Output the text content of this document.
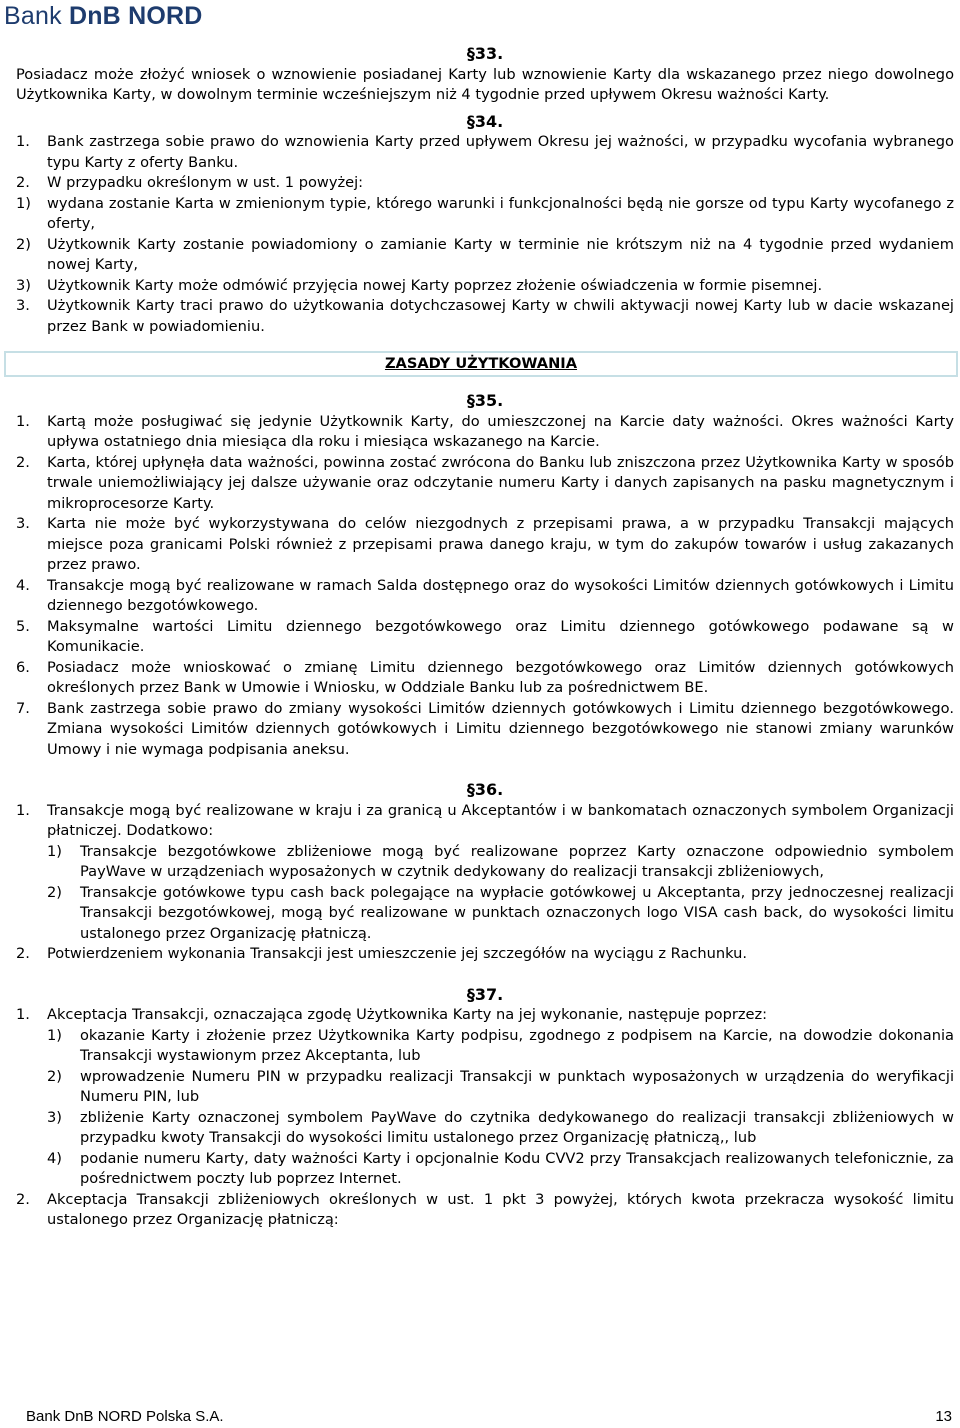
Bank DnB NORD
§33.

Posiadacz może złożyć wniosek o wznowienie posiadanej Karty lub wznowienie Karty dla wskazanego przez niego dowolnego Użytkownika Karty, w dowolnym terminie wcześniejszym niż 4 tygodnie przed upływem Okresu ważności Karty.

§34.
1. Bank zastrzega sobie prawo do wznowienia Karty przed upływem Okresu jej ważności, w przypadku wycofania wybranego typu Karty z oferty Banku.
2. W przypadku określonym w ust. 1 powyżej:
1) wydana zostanie Karta w zmienionym typie, którego warunki i funkcjonalności będą nie gorsze od typu Karty wycofanego z oferty,
2) Użytkownik Karty zostanie powiadomiony o zamianie Karty w terminie nie krótszym niż na 4 tygodnie przed wydaniem nowej Karty,
3) Użytkownik Karty może odmówić przyjęcia nowej Karty poprzez złożenie oświadczenia w formie pisemnej.
3. Użytkownik Karty traci prawo do użytkowania dotychczasowej Karty w chwili aktywacji nowej Karty lub w dacie wskazanej przez Bank w powiadomieniu.
ZASADY UŻYTKOWANIA
§35.
1. Kartą może posługiwać się jedynie Użytkownik Karty, do umieszczonej na Karcie daty ważności. Okres ważności Karty upływa ostatniego dnia miesiąca dla roku i miesiąca wskazanego na Karcie.
2. Karta, której upłynęła data ważności, powinna zostać zwrócona do Banku lub zniszczona przez Użytkownika Karty w sposób trwale uniemożliwiający jej dalsze używanie oraz odczytanie numeru Karty i danych zapisanych na pasku magnetycznym i mikroprocesorze Karty.
3. Karta nie może być wykorzystywana do celów niezgodnych z przepisami prawa, a w przypadku Transakcji mających miejsce poza granicami Polski również z przepisami prawa danego kraju, w tym do zakupów towarów i usług zakazanych przez prawo.
4. Transakcje mogą być realizowane w ramach Salda dostępnego oraz do wysokości Limitów dziennych gotówkowych i Limitu dziennego bezgotówkowego.
5. Maksymalne wartości Limitu dziennego bezgotówkowego oraz Limitu dziennego gotówkowego podawane są w Komunikacie.
6. Posiadacz może wnioskować o zmianę Limitu dziennego bezgotówkowego oraz Limitów dziennych gotówkowych określonych przez Bank w Umowie i Wniosku, w Oddziale Banku lub za pośrednictwem BE.
7. Bank zastrzega sobie prawo do zmiany wysokości Limitów dziennych gotówkowych i Limitu dziennego bezgotówkowego. Zmiana wysokości Limitów dziennych gotówkowych i Limitu dziennego bezgotówkowego nie stanowi zmiany warunków Umowy i nie wymaga podpisania aneksu.
§36.
1. Transakcje mogą być realizowane w kraju i za granicą u Akceptantów i w bankomatach oznaczonych symbolem Organizacji płatniczej. Dodatkowo:
1) Transakcje bezgotówkowe zbliżeniowe mogą być realizowane poprzez Karty oznaczone odpowiednio symbolem PayWave w urządzeniach wyposażonych w czytnik dedykowany do realizacji transakcji zbliżeniowych,
2) Transakcje gotówkowe typu cash back polegające na wypłacie gotówkowej u Akceptanta, przy jednoczesnej realizacji Transakcji bezgotówkowej, mogą być realizowane w punktach oznaczonych logo VISA cash back, do wysokości limitu ustalonego przez Organizację płatniczą.
2. Potwierdzeniem wykonania Transakcji jest umieszczenie jej szczegółów na wyciągu z Rachunku.
§37.
1. Akceptacja Transakcji, oznaczająca zgodę Użytkownika Karty na jej wykonanie, następuje poprzez:
1) okazanie Karty i złożenie przez Użytkownika Karty podpisu, zgodnego z podpisem na Karcie, na dowodzie dokonania Transakcji wystawionym przez Akceptanta, lub
2) wprowadzenie Numeru PIN w przypadku realizacji Transakcji w punktach wyposażonych w urządzenia do weryfikacji Numeru PIN, lub
3) zbliżenie Karty oznaczonej symbolem PayWave do czytnika dedykowanego do realizacji transakcji zbliżeniowych w przypadku kwoty Transakcji do wysokości limitu ustalonego przez Organizację płatniczą,, lub
4) podanie numeru Karty, daty ważności Karty i opcjonalnie Kodu CVV2 przy Transakcjach realizowanych telefonicznie, za pośrednictwem poczty lub poprzez Internet.
2. Akceptacja Transakcji zbliżeniowych określonych w ust. 1 pkt 3 powyżej, których kwota przekracza wysokość limitu ustalonego przez Organizację płatniczą:
Bank DnB NORD Polska S.A.	13
